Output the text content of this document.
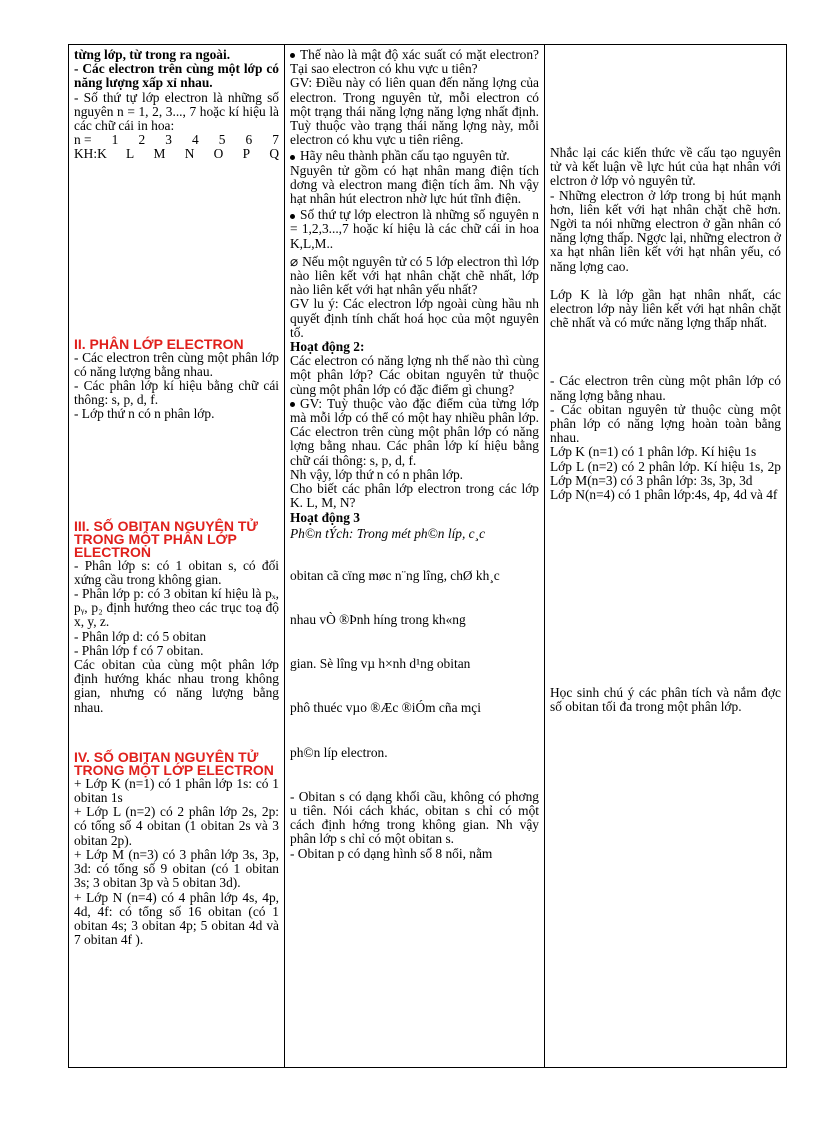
từng lớp, từ trong ra ngoài.

- Các electron trên cùng một lớp có năng lượng xấp xỉ nhau.

- Số thứ tự lớp electron là những số nguyên n = 1, 2, 3..., 7 hoặc kí hiệu là các chữ cái in hoa:

n = 1 2 3 4 5 6 7
KH:K L M N O P Q

II. PHÂN LỚP ELECTRON

- Các electron trên cùng một phân lớp có năng lượng bằng nhau.

- Các phân lớp kí hiệu bằng chữ cái thông: s, p, d, f.

- Lớp thứ n có n phân lớp.

III. SỐ OBITAN NGUYÊN TỬ TRONG MỘT PHÂN LỚP ELECTRON

- Phân lớp s: có 1 obitan s, có đối xứng cầu trong không gian.

- Phân lớp p: có 3 obitan kí hiệu là pₓ, pᵧ, p₂ định hướng theo các trục toạ độ x, y, z.

- Phân lớp d: có 5 obitan

- Phân lớp f có 7 obitan.

Các obitan của cùng một phân lớp định hướng khác nhau trong không gian, nhưng có năng lượng bằng nhau.

IV. SỐ OBITAN NGUYÊN TỬ TRONG MỘT LỚP ELECTRON

+ Lớp K (n=1) có 1 phân lớp 1s: có 1 obitan 1s

+ Lớp L (n=2) có 2 phân lớp 2s, 2p: có tổng số 4 obitan (1 obitan 2s và 3 obitan 2p).

+ Lớp M (n=3) có 3 phân lớp 3s, 3p, 3d: có tổng số 9 obitan (có 1 obitan 3s; 3 obitan 3p và 5 obitan 3d).

+ Lớp N (n=4) có 4 phân lớp 4s, 4p, 4d, 4f: có tổng số 16 obitan (có 1 obitan 4s; 3 obitan 4p; 5 obitan 4d và 7 obitan 4f ).

Thế nào là mật độ xác suất có mặt electron? Tại sao electron có khu vực u tiên?

GV: Điều này có liên quan đến năng lợng của electron. Trong nguyên tử, mỗi electron có một trạng thái năng lợng năng lợng nhất định. Tuỳ thuộc vào trạng thái năng lợng này, mỗi electron có khu vực u tiên riêng.

Hãy nêu thành phần cấu tạo nguyên tử.

Nguyên tử gồm có hạt nhân mang điện tích dơng và electron mang điện tích âm. Nh vậy hạt nhân hút electron nhờ lực hút tĩnh điện.

Số thứ tự lớp electron là những số nguyên n = 1,2,3...,7 hoặc kí hiệu là các chữ cái in hoa K,L,M..

⌀ Nếu một nguyên tử có 5 lớp electron thì lớp nào liên kết với hạt nhân chặt chẽ nhất, lớp nào liên kết với hạt nhân yếu nhất?

GV lu ý: Các electron lớp ngoài cùng hầu nh quyết định tính chất hoá học của một nguyên tố.

Hoạt động 2:

Các electron có năng lợng nh thế nào thì cùng một phân lớp? Các obitan nguyên tử thuộc cùng một phân lớp có đặc điểm gì chung?

GV: Tuỳ thuộc vào đặc điểm của từng lớp mà mỗi lớp có thể có một hay nhiều phân lớp. Các electron trên cùng một phân lớp có năng lợng bằng nhau. Các phân lớp kí hiệu bằng chữ cái thông: s, p, d, f.

Nh vậy, lớp thứ n có n phân lớp.

Cho biết các phân lớp electron trong các lớp K. L, M, N?

Hoạt động 3

Ph©n tÝch: Trong mét ph©n líp, c¸c

obitan cã cïng møc n¨ng lîng, chØ kh¸c

nhau vÒ ®Þnh híng trong kh«ng

gian. Sè lîng vµ h×nh d¹ng obitan

phô thuéc vµo ®Æc ®iÓm cña mçi

ph©n líp electron.

- Obitan s có dạng khối cầu, không có phơng u tiên. Nói cách khác, obitan s chỉ có một cách định hớng trong không gian. Nh vậy phân lớp s chỉ có một obitan s.

- Obitan p có dạng hình số 8 nổi, nằm

Nhắc lại các kiến thức về cấu tạo nguyên tử và kết luận về lực hút của hạt nhân với elctron ở lớp vỏ nguyên tử.

- Những electron ở lớp trong bị hút mạnh hơn, liên kết với hạt nhân chặt chẽ hơn. Ngời ta nói những electron ở gần nhân có năng lợng thấp. Ngợc lại, những electron ở xa hạt nhân liên kết với hạt nhân yếu, có năng lợng cao.

Lớp K là lớp gần hạt nhân nhất, các electron lớp này liên kết với hạt nhân chặt chẽ nhất và có mức năng lợng thấp nhất.

- Các electron trên cùng một phân lớp có năng lợng bằng nhau.

- Các obitan nguyên tử thuộc cùng một phân lớp có năng lợng hoàn toàn bằng nhau.

Lớp K (n=1) có 1 phân lớp. Kí hiệu 1s

Lớp L (n=2) có 2 phân lớp. Kí hiệu 1s, 2p Lớp M(n=3) có 3 phân lớp: 3s, 3p, 3d

Lớp N(n=4) có 1 phân lớp:4s, 4p, 4d và 4f

Học sinh chú ý các phân tích và nắm đợc số obitan tối đa trong một phân lớp.
